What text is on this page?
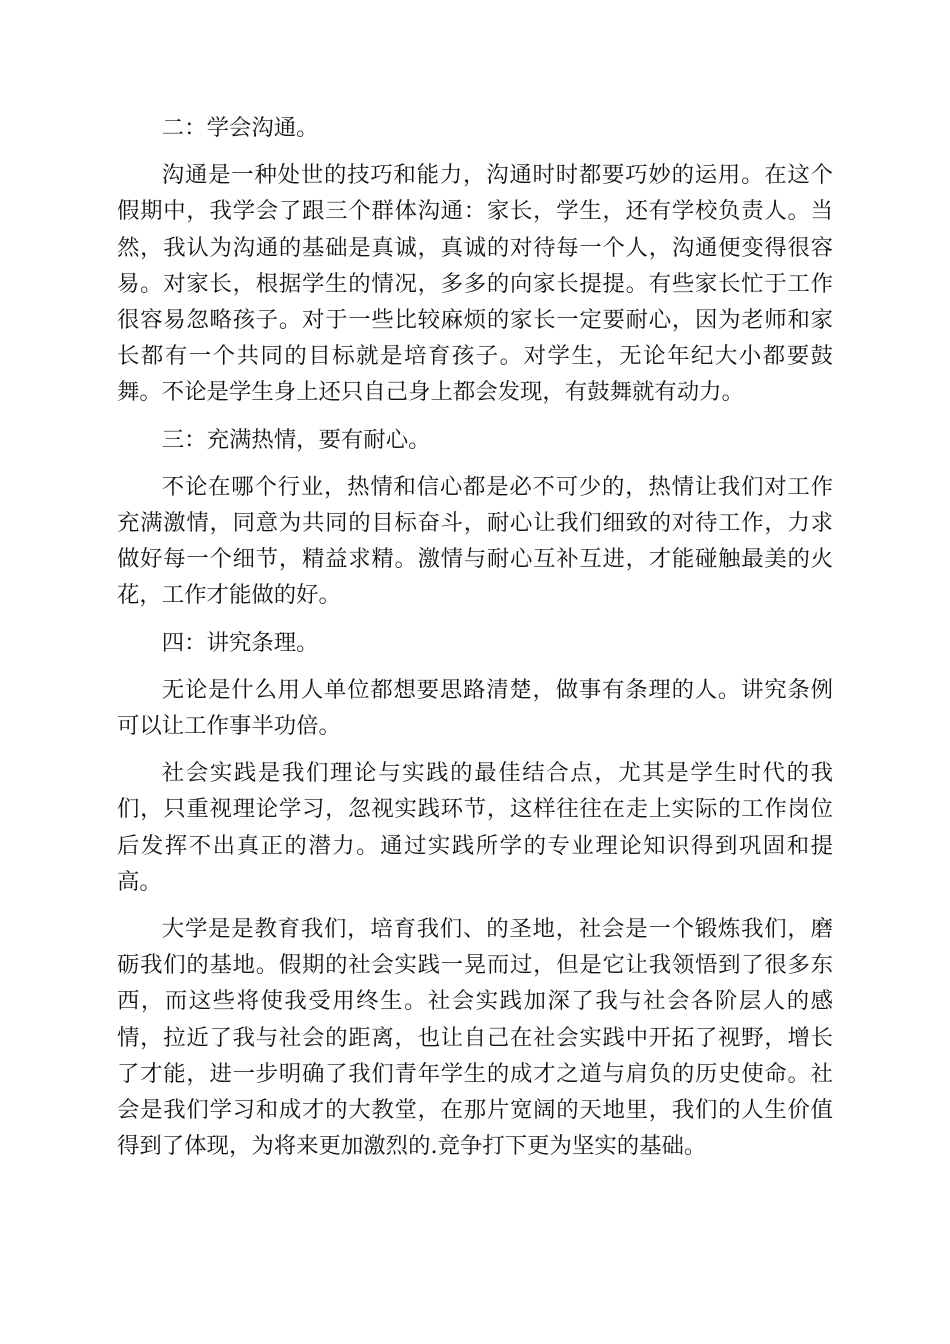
二：学会沟通。

沟通是一种处世的技巧和能力，沟通时时都要巧妙的运用。在这个假期中，我学会了跟三个群体沟通：家长，学生，还有学校负责人。当然，我认为沟通的基础是真诚，真诚的对待每一个人，沟通便变得很容易。对家长，根据学生的情况，多多的向家长提提。有些家长忙于工作很容易忽略孩子。对于一些比较麻烦的家长一定要耐心，因为老师和家长都有一个共同的目标就是培育孩子。对学生，无论年纪大小都要鼓舞。不论是学生身上还只自己身上都会发现，有鼓舞就有动力。

三：充满热情，要有耐心。

不论在哪个行业，热情和信心都是必不可少的，热情让我们对工作充满激情，同意为共同的目标奋斗，耐心让我们细致的对待工作，力求做好每一个细节，精益求精。激情与耐心互补互进，才能碰触最美的火花，工作才能做的好。

四：讲究条理。

无论是什么用人单位都想要思路清楚，做事有条理的人。讲究条例可以让工作事半功倍。

社会实践是我们理论与实践的最佳结合点，尤其是学生时代的我们，只重视理论学习，忽视实践环节，这样往往在走上实际的工作岗位后发挥不出真正的潜力。通过实践所学的专业理论知识得到巩固和提高。

大学是是教育我们，培育我们、的圣地，社会是一个锻炼我们，磨砺我们的基地。假期的社会实践一晃而过，但是它让我领悟到了很多东西，而这些将使我受用终生。社会实践加深了我与社会各阶层人的感情，拉近了我与社会的距离，也让自己在社会实践中开拓了视野，增长了才能，进一步明确了我们青年学生的成才之道与肩负的历史使命。社会是我们学习和成才的大教堂，在那片宽阔的天地里，我们的人生价值得到了体现，为将来更加激烈的.竞争打下更为坚实的基础。
